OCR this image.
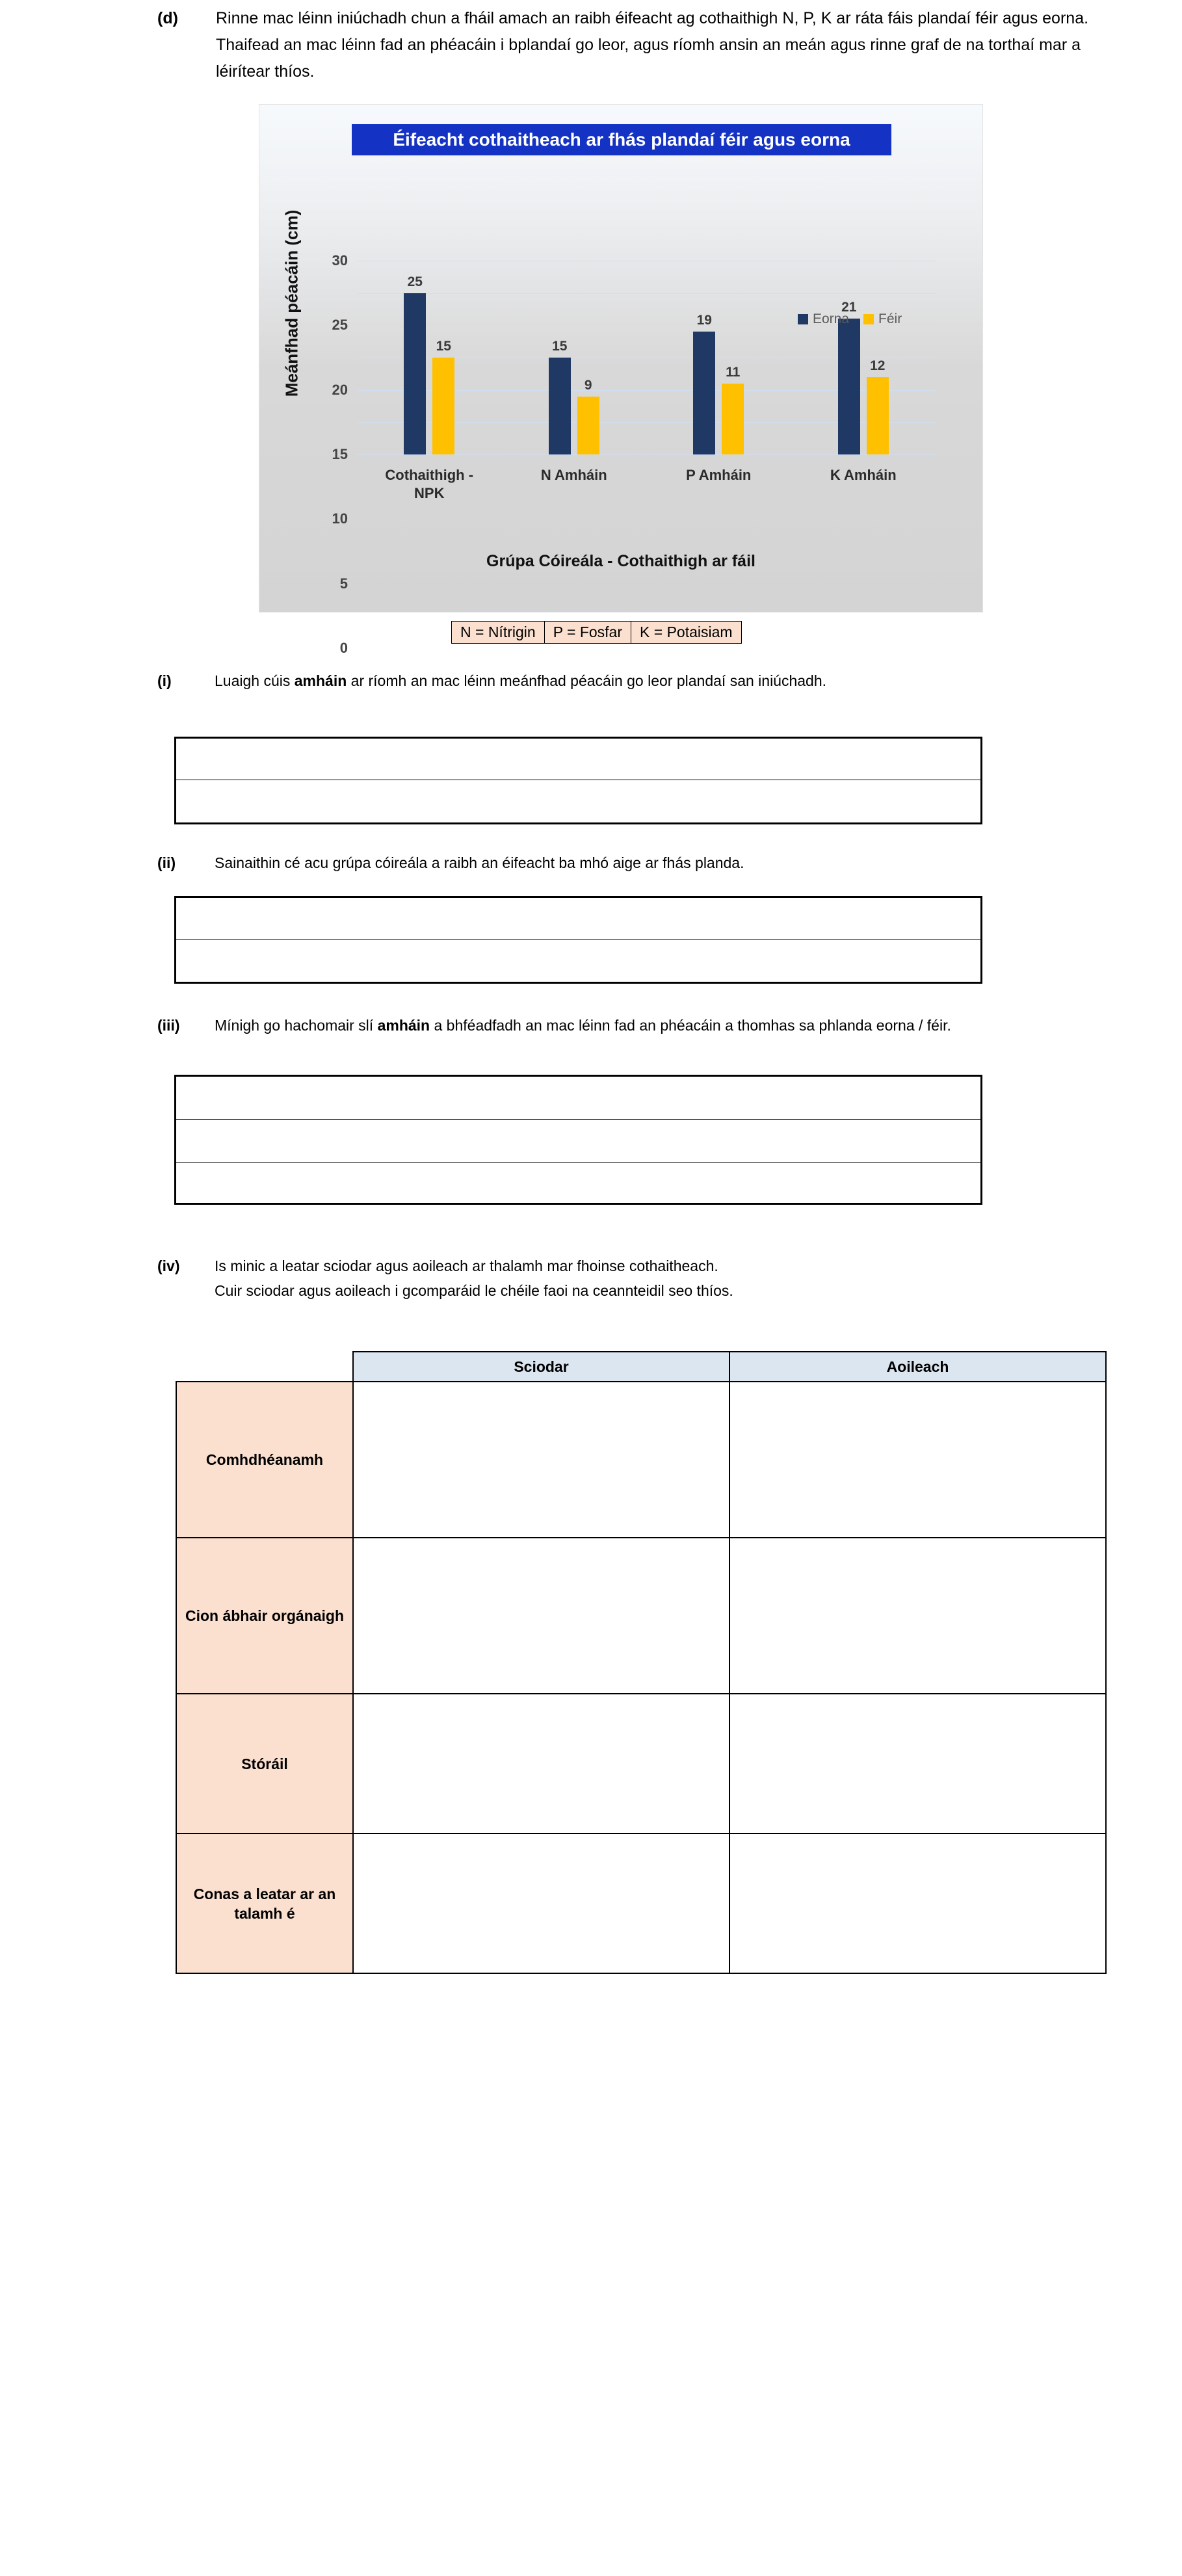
(d)	Rinne mac léinn iniúchadh chun a fháil amach an raibh éifeacht ag cothaithigh N, P, K ar ráta fáis plandaí féir agus eorna. Thaifead an mac léinn fad an phéacáin i bplandaí go leor, agus ríomh ansin an meán agus rinne graf de na torthaí mar a léirítear thíos.
Éifeacht cothaitheach ar fhás plandaí féir agus eorna
Meánfhad péacáin (cm)
0
5
10
15
20
25
30
25
15
Cothaithigh - NPK
15
9
N Amháin
19
11
P Amháin
21
12
K Amháin
Eorna Féir
Grúpa Cóireála - Cothaithigh ar fáil
N = Nítrigin	P = Fosfar	K = Potaisiam
(i)	Luaigh cúis amháin ar ríomh an mac léinn meánfhad péacáin go leor plandaí san iniúchadh.
(ii)	Sainaithin cé acu grúpa cóireála a raibh an éifeacht ba mhó aige ar fhás planda.
(iii)	Mínigh go hachomair slí amháin a bhféadfadh an mac léinn fad an phéacáin a thomhas sa phlanda eorna / féir.
(iv)	Is minic a leatar sciodar agus aoileach ar thalamh mar fhoinse cothaitheach.
Cuir sciodar agus aoileach i gcomparáid le chéile faoi na ceannteidil seo thíos.
	Sciodar	Aoileach
Comhdhéanamh		
Cion ábhair orgánaigh		
Stóráil		
Conas a leatar ar an talamh é		
